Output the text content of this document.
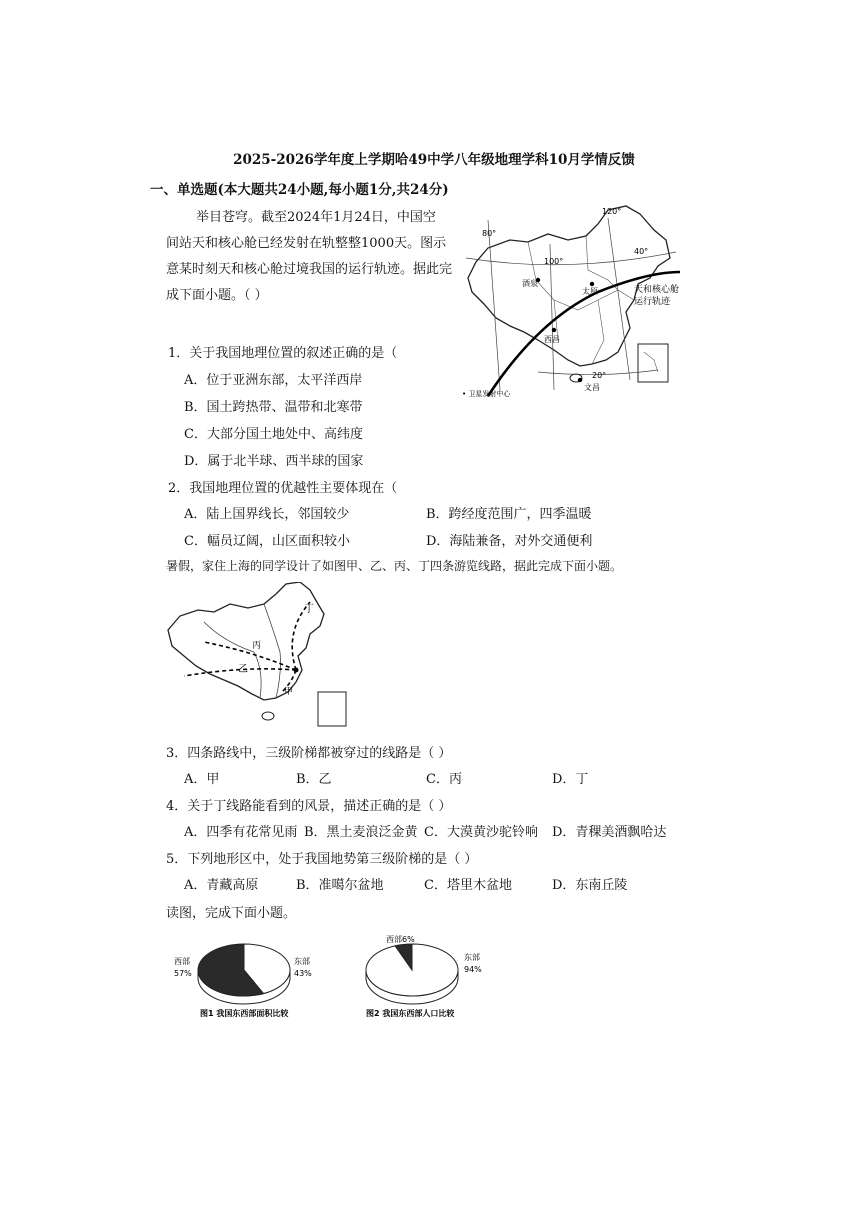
2025-2026学年度上学期哈49中学八年级地理学科10月学情反馈
一、单选题(本大题共24小题,每小题1分,共24分)
举目苍穹。截至2024年1月24日，中国空
间站天和核心舱已经发射在轨整整1000天。图示
意某时刻天和核心舱过境我国的运行轨迹。据此完
成下面小题。（ ）
80°
100°
120°
40°
20°
酒泉
太原
西昌
文昌
天和核心舱
运行轨迹
• 卫星发射中心
1．关于我国地理位置的叙述正确的是（
A．位于亚洲东部，太平洋西岸
B．国土跨热带、温带和北寒带
C．大部分国土地处中、高纬度
D．属于北半球、西半球的国家
2．我国地理位置的优越性主要体现在（
A．陆上国界线长，邻国较少	B．跨经度范围广，四季温暖
C．幅员辽阔，山区面积较小	D．海陆兼备，对外交通便利
暑假，家住上海的同学设计了如图甲、乙、丙、丁四条游览线路，据此完成下面小题。
丁
丙
乙
甲
3．四条路线中，三级阶梯都被穿过的线路是（ ）
A．甲	B．乙	C．丙	D．丁
4．关于丁线路能看到的风景，描述正确的是（ ）
A．四季有花常见雨 B．黑土麦浪泛金黄 C．大漠黄沙驼铃响 D．青稞美酒飘哈达
5．下列地形区中，处于我国地势第三级阶梯的是（ ）
A．青藏高原	B．准噶尔盆地	C．塔里木盆地	D．东南丘陵
读图，完成下面小题。
西部
57%
东部
43%
西部6%
东部
94%
图1 我国东西部面积比较	图2 我国东西部人口比较
